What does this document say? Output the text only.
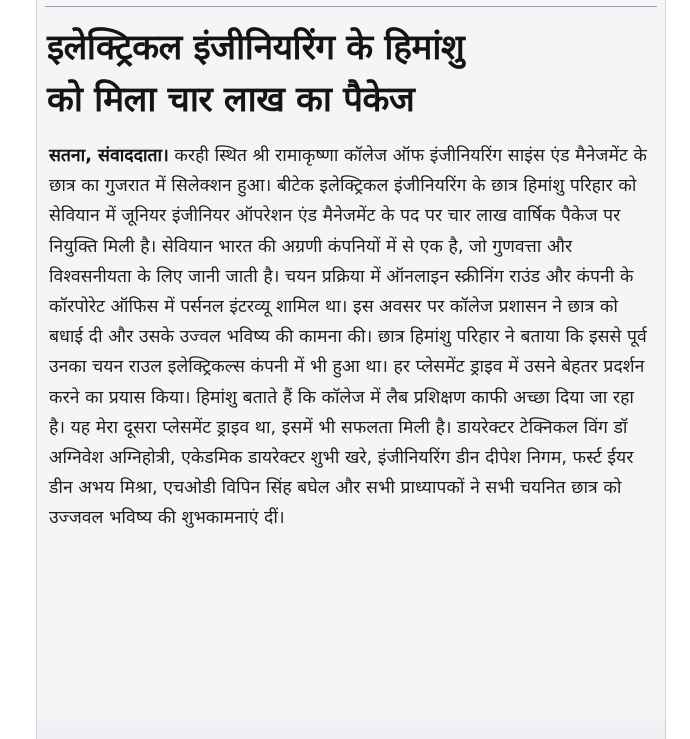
इलेक्ट्रिकल इंजीनियरिंग के हिमांशु
को मिला चार लाख का पैकेज

सतना, संवाददाता। करही स्थित श्री रामाकृष्णा कॉलेज ऑफ इंजीनियरिंग साइंस एंड मैनेजमेंट के छात्र का गुजरात में सिलेक्शन हुआ। बीटेक इलेक्ट्रिकल इंजीनियरिंग के छात्र हिमांशु परिहार को सेवियान में जूनियर इंजीनियर ऑपरेशन एंड मैनेजमेंट के पद पर चार लाख वार्षिक पैकेज पर नियुक्ति मिली है। सेवियान भारत की अग्रणी कंपनियों में से एक है, जो गुणवत्ता और विश्वसनीयता के लिए जानी जाती है। चयन प्रक्रिया में ऑनलाइन स्क्रीनिंग राउंड और कंपनी के कॉरपोरेट ऑफिस में पर्सनल इंटरव्यू शामिल था। इस अवसर पर कॉलेज प्रशासन ने छात्र को बधाई दी और उसके उज्वल भविष्य की कामना की। छात्र हिमांशु परिहार ने बताया कि इससे पूर्व उनका चयन राउल इलेक्ट्रिकल्स कंपनी में भी हुआ था। हर प्लेसमेंट ड्राइव में उसने बेहतर प्रदर्शन करने का प्रयास किया। हिमांशु बताते हैं कि कॉलेज में लैब प्रशिक्षण काफी अच्छा दिया जा रहा है। यह मेरा दूसरा प्लेसमेंट ड्राइव था, इसमें भी सफलता मिली है। डायरेक्टर टेक्निकल विंग डॉ अग्निवेश अग्निहोत्री, एकेडमिक डायरेक्टर शुभी खरे, इंजीनियरिंग डीन दीपेश निगम, फर्स्ट ईयर डीन अभय मिश्रा, एचओडी विपिन सिंह बघेल और सभी प्राध्यापकों ने सभी चयनित छात्र को उज्जवल भविष्य की शुभकामनाएं दीं।
